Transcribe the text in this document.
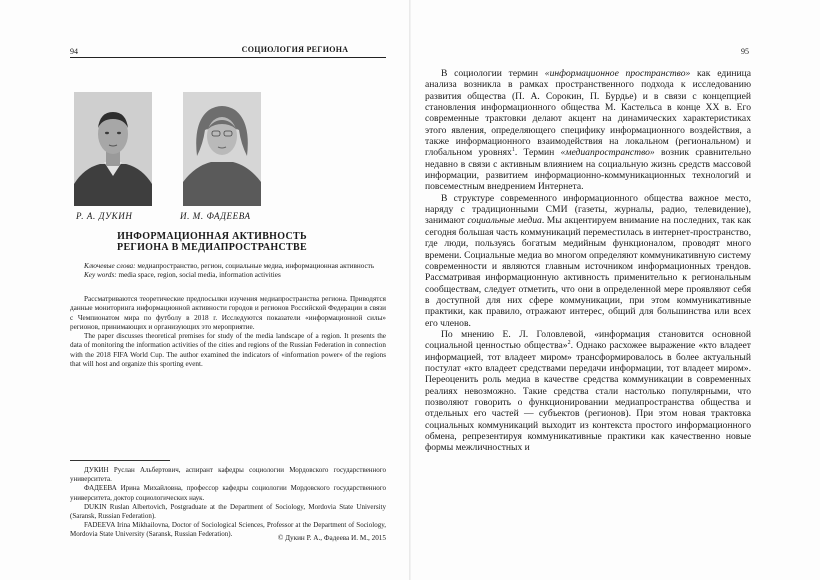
94	СОЦИОЛОГИЯ РЕГИОНА
Р. А. ДУКИН	И. М. ФАДЕЕВА
ИНФОРМАЦИОННАЯ АКТИВНОСТЬ
РЕГИОНА В МЕДИАПРОСТРАНСТВЕ

Ключевые слова: медиапространство, регион, социальные медиа, информационная активность

Key words: media space, region, social media, information activities

Рассматриваются теоретические предпосылки изучения медиапространства региона. Приводятся данные мониторинга информационной активности городов и регионов Российской Федерации в связи с Чемпионатом мира по футболу в 2018 г. Исследуются показатели «информационной силы» регионов, принимающих и организующих это мероприятие.

The paper discusses theoretical premises for study of the media landscape of a region. It presents the data of monitoring the information activities of the cities and regions of the Russian Federation in connection with the 2018 FIFA World Cup. The author examined the indicators of «information power» of the regions that will host and organize this sporting event.

ДУКИН Руслан Альбертович, аспирант кафедры социологии Мордовского государственного университета.

ФАДЕЕВА Ирина Михайловна, профессор кафедры социологии Мордовского государственного университета, доктор социологических наук.

DUKIN Ruslan Albertovich, Postgraduate at the Department of Sociology, Mordovia State University (Saransk, Russian Federation).

FADEEVA Irina Mikhailovna, Doctor of Sociological Sciences, Professor at the Department of Sociology, Mordovia State University (Saransk, Russian Federation).	© Дукин Р. А., Фадеева И. М., 2015
95

В социологии термин «информационное пространство» как единица анализа возникла в рамках пространственного подхода к исследованию развития общества (П. А. Сорокин, П. Бурдье) и в связи с концепцией становления информационного общества М. Кастельса в конце XX в. Его современные трактовки делают акцент на динамических характеристиках этого явления, определяющего специфику информационного воздействия, а также информационного взаимодействия на локальном (региональном) и глобальном уровнях$^1$. Термин «медиапространство» возник сравнительно недавно в связи с активным влиянием на социальную жизнь средств массовой информации, развитием информационно-коммуникационных технологий и повсеместным внедрением Интернета.

В структуре современного информационного общества важное место, наряду с традиционными СМИ (газеты, журналы, радио, телевидение), занимают социальные медиа. Мы акцентируем внимание на последних, так как сегодня большая часть коммуникаций переместилась в интернет-пространство, где люди, пользуясь богатым медийным функционалом, проводят много времени. Социальные медиа во многом определяют коммуникативную систему современности и являются главным источником информационных трендов. Рассматривая информационную активность применительно к региональным сообществам, следует отметить, что они в определенной мере проявляют себя в доступной для них сфере коммуникации, при этом коммуникативные практики, как правило, отражают интерес, общий для большинства или всех его членов.

По мнению Е. Л. Головлевой, «информация становится основной социальной ценностью общества»$^2$. Однако расхожее выражение «кто владеет информацией, тот владеет миром» трансформировалось в более актуальный постулат «кто владеет средствами передачи информации, тот владеет миром». Переоценить роль медиа в качестве средства коммуникации в современных реалиях невозможно. Такие средства стали настолько популярными, что позволяют говорить о функционировании медиапространства общества и отдельных его частей — субъектов (регионов). При этом новая трактовка социальных коммуникаций выходит из контекста простого информационного обмена, репрезентируя коммуникативные практики как качественно новые формы межличностных и
